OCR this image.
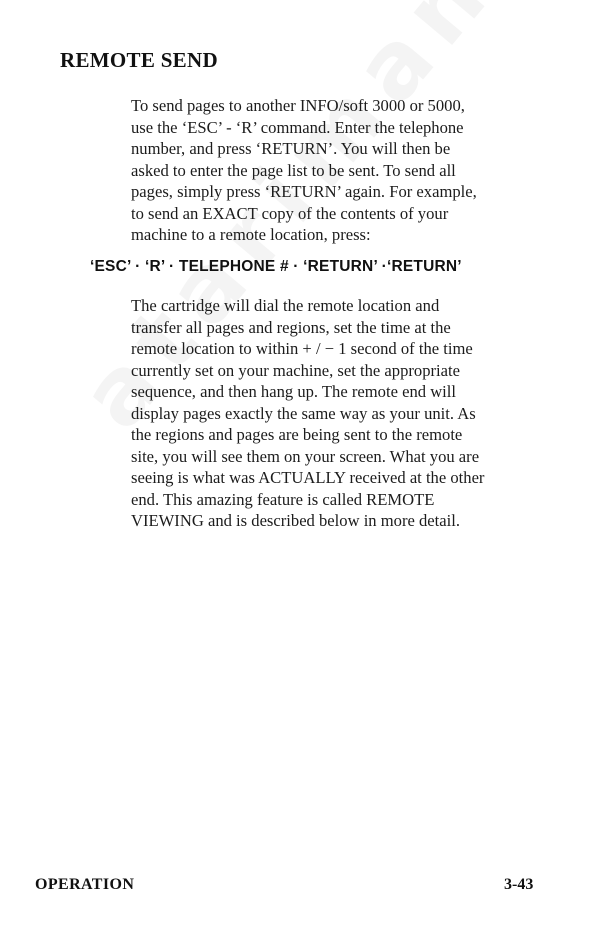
REMOTE SEND

To send pages to another INFO/soft 3000 or 5000,
use the ‘ESC’ - ‘R’ command. Enter the telephone
number, and press ‘RETURN’. You will then be
asked to enter the page list to be sent. To send all
pages, simply press ‘RETURN’ again. For example,
to send an EXACT copy of the contents of your
machine to a remote location, press:

‘ESC’ · ‘R’ · TELEPHONE # · ‘RETURN’ ·‘RETURN’

The cartridge will dial the remote location and
transfer all pages and regions, set the time at the
remote location to within + / − 1 second of the time
currently set on your machine, set the appropriate
sequence, and then hang up. The remote end will
display pages exactly the same way as your unit. As
the regions and pages are being sent to the remote
site, you will see them on your screen. What you are
seeing is what was ACTUALLY received at the other
end. This amazing feature is called REMOTE
VIEWING and is described below in more detail.

OPERATION	3-43
